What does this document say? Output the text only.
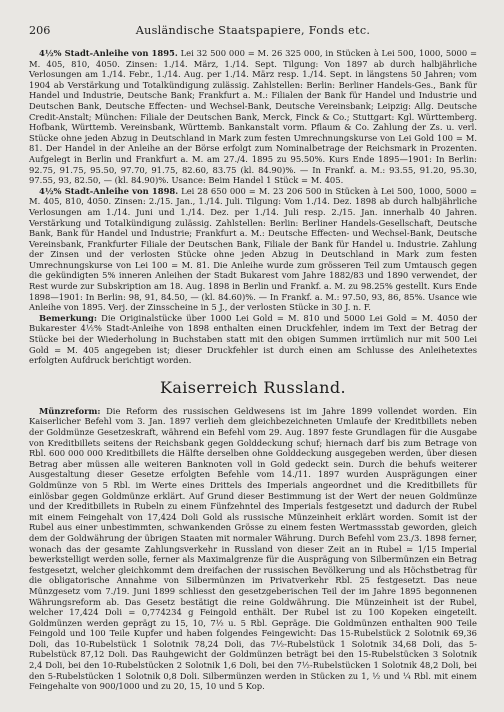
206	Ausländische Staatspapiere, Fonds etc.

4½% Stadt-Anleihe von 1895. Lei 32 500 000 = M. 26 325 000, in Stücken à Lei 500, 1000, 5000 = M. 405, 810, 4050. Zinsen: 1./14. März, 1./14. Sept. Tilgung: Von 1897 ab durch halbjährliche Verlosungen am 1./14. Febr., 1./14. Aug. per 1./14. März resp. 1./14. Sept. in längstens 50 Jahren; vom 1904 ab Verstärkung und Totalkündigung zulässig. Zahlstellen: Berlin: Berliner Handels-Ges., Bank für Handel und Industrie, Deutsche Bank; Frankfurt a. M.: Filialen der Bank für Handel und Industrie und Deutschen Bank, Deutsche Effecten- und Wechsel-Bank, Deutsche Vereinsbank; Leipzig: Allg. Deutsche Credit-Anstalt; München: Filiale der Deutschen Bank, Merck, Finck & Co.; Stuttgart: Kgl. Württemberg. Hofbank, Württemb. Vereinsbank, Württemb. Bankanstalt vorm. Pflaum & Co. Zahlung der Zs. u. verl. Stücke ohne jeden Abzug in Deutschland in Mark zum festen Umrechnungskurse von Lei Gold 100 = M. 81. Der Handel in der Anleihe an der Börse erfolgt zum Nominalbetrage der Reichsmark in Prozenten. Aufgelegt in Berlin und Frankfurt a. M. am 27./4. 1895 zu 95.50%. Kurs Ende 1895—1901: In Berlin: 92.75, 91.75, 95.50, 97.70, 91.75, 82.60, 83.75 (kl. 84.90)%. — In Frankf. a. M.: 93.55, 91.20, 95.30, 97.55, 93, 82.50, — (kl. 84.90)%. Usance: Beim Handel 1 Stück = M. 405.

4½% Stadt-Anleihe von 1898. Lei 28 650 000 = M. 23 206 500 in Stücken à Lei 500, 1000, 5000 = M. 405, 810, 4050. Zinsen: 2./15. Jan., 1./14. Juli. Tilgung: Vom 1./14. Dez. 1898 ab durch halbjährliche Verlosungen am 1./14. Juni und 1./14. Dez. per 1./14. Juli resp. 2./15. Jan. innerhalb 40 Jahren. Verstärkung und Totalkündigung zulässig. Zahlstellen: Berlin: Berliner Handels-Gesellschaft, Deutsche Bank, Bank für Handel und Industrie; Frankfurt a. M.: Deutsche Effecten- und Wechsel-Bank, Deutsche Vereinsbank, Frankfurter Filiale der Deutschen Bank, Filiale der Bank für Handel u. Industrie. Zahlung der Zinsen und der verlosten Stücke ohne jeden Abzug in Deutschland in Mark zum festen Umrechnungskurse von Lei 100 = M. 81. Die Anleihe wurde zum grösseren Teil zum Umtausch gegen die gekündigten 5% inneren Anleihen der Stadt Bukarest vom Jahre 1882/83 und 1890 verwendet, der Rest wurde zur Subskription am 18. Aug. 1898 in Berlin und Frankf. a. M. zu 98.25% gestellt. Kurs Ende 1898—1901: In Berlin: 98, 91, 84.50, — (kl. 84.60)%. — In Frankf. a. M.: 97.50, 93, 86, 85%. Usance wie Anleihe von 1895. Verj. der Zinsscheine in 5 J., der verlosten Stücke in 30 J. n. F.

Bemerkung: Die Originalstücke über 1000 Lei Gold = M. 810 und 5000 Lei Gold = M. 4050 der Bukarester 4½% Stadt-Anleihe von 1898 enthalten einen Druckfehler, indem im Text der Betrag der Stücke bei der Wiederholung in Buchstaben statt mit den obigen Summen irrtümlich nur mit 500 Lei Gold = M. 405 angegeben ist; dieser Druckfehler ist durch einen am Schlusse des Anleihetextes erfolgten Aufdruck berichtigt worden.

Kaiserreich Russland.

Münzreform: Die Reform des russischen Geldwesens ist im Jahre 1899 vollendet worden. Ein Kaiserlicher Befehl vom 3. Jan. 1897 verlieh dem gleichbezeichneten Umlaufe der Kreditbillets neben der Goldmünze Gesetzeskraft, während ein Befehl vom 29. Aug. 1897 feste Grundlagen für die Ausgabe von Kreditbillets seitens der Reichsbank gegen Golddeckung schuf; hiernach darf bis zum Betrage von Rbl. 600 000 000 Kreditbillets die Hälfte derselben ohne Golddeckung ausgegeben werden, über diesen Betrag aber müssen alle weiteren Banknoten voll in Gold gedeckt sein. Durch die behufs weiterer Ausgestaltung dieser Gesetze erfolgten Befehle vom 14./11. 1897 wurden Ausprägungen einer Goldmünze von 5 Rbl. im Werte eines Drittels des Imperials angeordnet und die Kreditbillets für einlösbar gegen Goldmünze erklärt. Auf Grund dieser Bestimmung ist der Wert der neuen Goldmünze und der Kreditbillets in Rubeln zu einem Fünfzehntel des Imperials festgesetzt und dadurch der Rubel mit einem Feingehalt von 17,424 Doli Gold als russische Münzeinheit erklärt worden. Somit ist der Rubel aus einer unbestimmten, schwankenden Grösse zu einem festen Wertmassstab geworden, gleich dem der Goldwährung der übrigen Staaten mit normaler Währung. Durch Befehl vom 23./3. 1898 ferner, wonach das der gesamte Zahlungsverkehr in Russland von dieser Zeit an in Rubel = 1/15 Imperial bewerkstelligt werden solle, ferner als Maximalgrenze für die Ausprägung von Silbermünzen ein Betrag festgesetzt, welcher gleichkommt dem dreifachen der russischen Bevölkerung und als Höchstbetrag für die obligatorische Annahme von Silbermünzen im Privatverkehr Rbl. 25 festgesetzt. Das neue Münzgesetz vom 7./19. Juni 1899 schliesst den gesetzgeberischen Teil der im Jahre 1895 begonnenen Währungsreform ab. Das Gesetz bestätigt die reine Goldwährung. Die Münzeinheit ist der Rubel, welcher 17,424 Doli = 0,774234 g Feingold enthält. Der Rubel ist zu 100 Kopeken eingeteilt. Goldmünzen werden geprägt zu 15, 10, 7½ u. 5 Rbl. Gepräge. Die Goldmünzen enthalten 900 Teile Feingold und 100 Teile Kupfer und haben folgendes Feingewicht: Das 15-Rubelstück 2 Solotnik 69,36 Doli, das 10-Rubelstück 1 Solotnik 78,24 Doli, das 7½-Rubelstück 1 Solotnik 34,68 Doli, das 5-Rubelstück 87,12 Doli. Das Rauhgewicht der Goldmünzen beträgt bei den 15-Rubelstücken 3 Solotnik 2,4 Doli, bei den 10-Rubelstücken 2 Solotnik 1,6 Doli, bei den 7½-Rubelstücken 1 Solotnik 48,2 Doli, bei den 5-Rubelstücken 1 Solotnik 0,8 Doli. Silbermünzen werden in Stücken zu 1, ½ und ¼ Rbl. mit einem Feingehalte von 900/1000 und zu 20, 15, 10 und 5 Kop.
